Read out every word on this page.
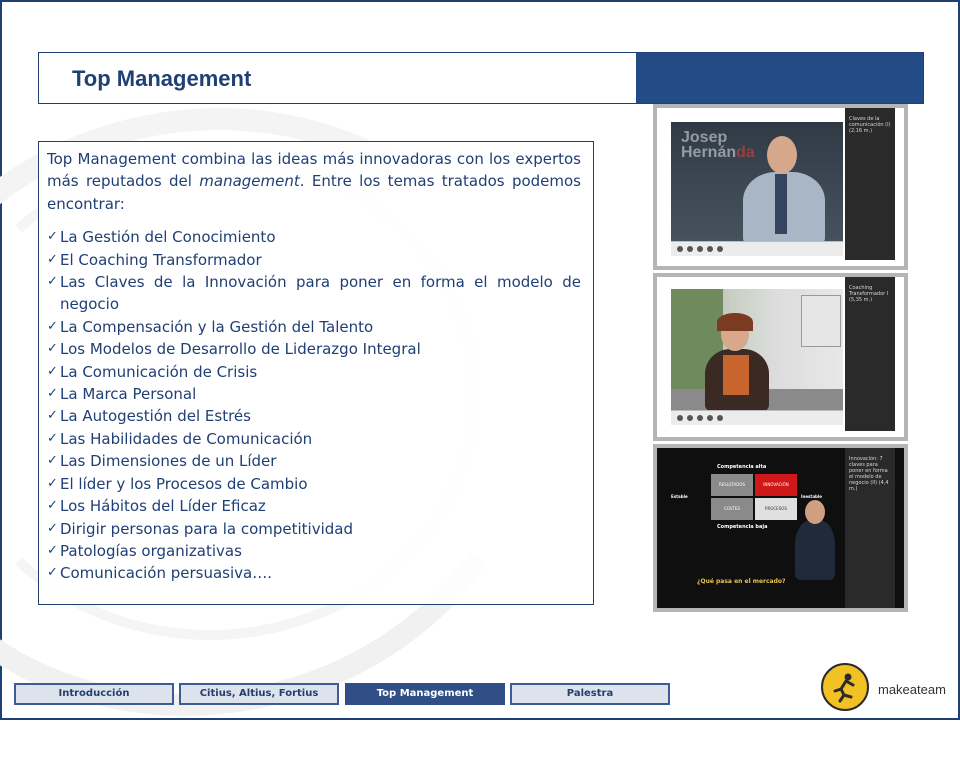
Top Management

Top Management combina las ideas más innovadoras con los expertos más reputados del management. Entre los temas tratados podemos encontrar:

✓ La Gestión del Conocimiento
✓ El Coaching Transformador
✓ Las Claves de la Innovación para poner en forma el modelo de negocio
✓ La Compensación y la Gestión del Talento
✓ Los Modelos de Desarrollo de Liderazgo Integral
✓ La Comunicación de Crisis
✓ La Marca Personal
✓ La Autogestión del Estrés
✓ Las Habilidades de Comunicación
✓ Las Dimensiones de un Líder
✓ El líder y los Procesos de Cambio
✓ Los Hábitos del Líder Eficaz
✓ Dirigir personas para la competitividad
✓ Patologías organizativas
✓ Comunicación persuasiva….
Josep
Hernánda
Claves de la comunicación (I) (2,16 m.)
Coaching Transformador I (5,35 m.)
Competencia alta
RESULTADOS	INNOVACIÓN
COSTES	PROCESOS
Estable	Inestable
Competencia baja
¿Qué pasa en el mercado?
Innovación: 7 claves para poner en forma el modelo de negocio (II) (4,4 m.)
Introducción	Citius, Altius, Fortius	Top Management	Palestra	makeateam
